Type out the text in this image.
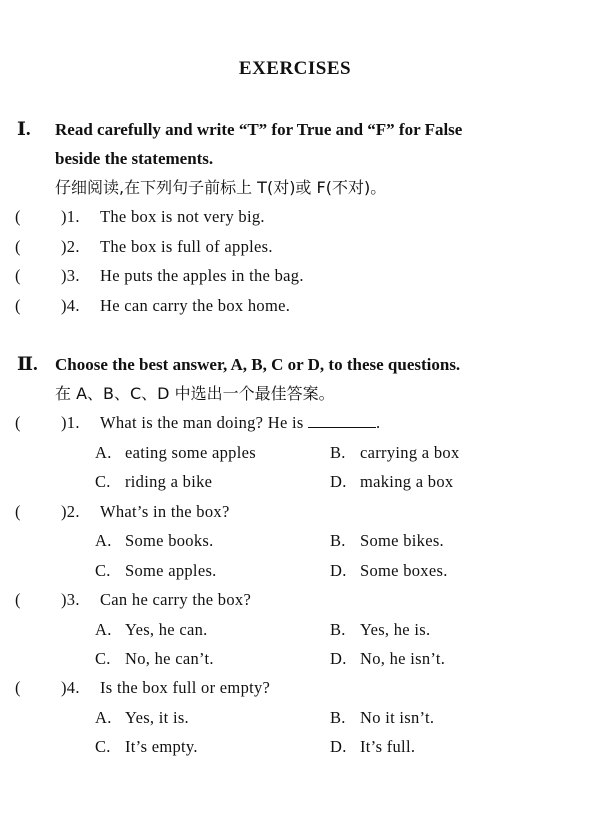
EXERCISES
Ⅰ. Read carefully and write “T” for True and “F” for False
beside the statements.
仔细阅读,在下列句子前标上 T(对)或 F(不对)。
( )1. The box is not very big.
( )2. The box is full of apples.
( )3. He puts the apples in the bag.
( )4. He can carry the box home.
Ⅱ. Choose the best answer, A, B, C or D, to these questions.
在 A、B、C、D 中选出一个最佳答案。
( )1. What is the man doing? He is	.
A. eating some apples	B. carrying a box
C. riding a bike	D. making a box
( )2. What’s in the box?
A. Some books.	B. Some bikes.
C. Some apples.	D. Some boxes.
( )3. Can he carry the box?
A. Yes, he can.	B. Yes, he is.
C. No, he can’t.	D. No, he isn’t.
( )4. Is the box full or empty?
A. Yes, it is.	B. No it isn’t.
C. It’s empty.	D. It’s full.
